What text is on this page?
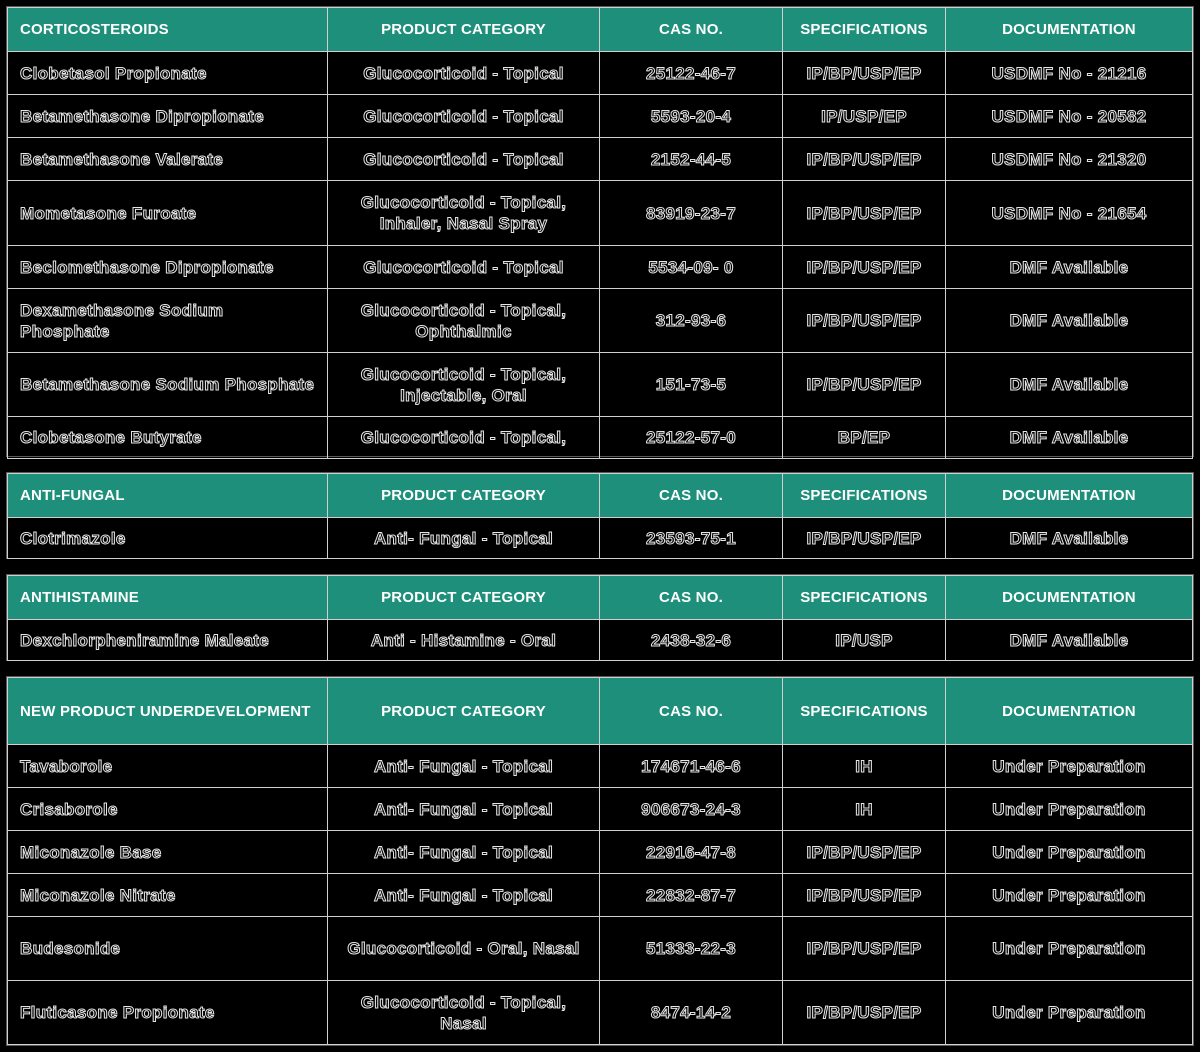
CORTICOSTEROIDS	PRODUCT CATEGORY	CAS NO.	SPECIFICATIONS	DOCUMENTATION
Clobetasol Propionate	Glucocorticoid - Topical	25122-46-7	IP/BP/USP/EP	USDMF No - 21216
Betamethasone Dipropionate	Glucocorticoid - Topical	5593-20-4	IP/USP/EP	USDMF No - 20582
Betamethasone Valerate	Glucocorticoid - Topical	2152-44-5	IP/BP/USP/EP	USDMF No - 21320
Mometasone Furoate	Glucocorticoid - Topical, Inhaler, Nasal Spray	83919-23-7	IP/BP/USP/EP	USDMF No - 21654
Beclomethasone Dipropionate	Glucocorticoid - Topical	5534-09- 0	IP/BP/USP/EP	DMF Available
Dexamethasone Sodium Phosphate	Glucocorticoid - Topical, Ophthalmic	312-93-6	IP/BP/USP/EP	DMF Available
Betamethasone Sodium Phosphate	Glucocorticoid - Topical, Injectable, Oral	151-73-5	IP/BP/USP/EP	DMF Available
Clobetasone Butyrate	Glucocorticoid - Topical,	25122-57-0	BP/EP	DMF Available
ANTI-FUNGAL	PRODUCT CATEGORY	CAS NO.	SPECIFICATIONS	DOCUMENTATION
Clotrimazole	Anti- Fungal - Topical	23593-75-1	IP/BP/USP/EP	DMF Available
ANTIHISTAMINE	PRODUCT CATEGORY	CAS NO.	SPECIFICATIONS	DOCUMENTATION
Dexchlorpheniramine Maleate	Anti - Histamine - Oral	2438-32-6	IP/USP	DMF Available
NEW PRODUCT UNDERDEVELOPMENT	PRODUCT CATEGORY	CAS NO.	SPECIFICATIONS	DOCUMENTATION
Tavaborole	Anti- Fungal - Topical	174671-46-6	IH	Under Preparation
Crisaborole	Anti- Fungal - Topical	906673-24-3	IH	Under Preparation
Miconazole Base	Anti- Fungal - Topical	22916-47-8	IP/BP/USP/EP	Under Preparation
Miconazole Nitrate	Anti- Fungal - Topical	22832-87-7	IP/BP/USP/EP	Under Preparation
Budesonide	Glucocorticoid - Oral, Nasal	51333-22-3	IP/BP/USP/EP	Under Preparation
Fluticasone Propionate	Glucocorticoid - Topical, Nasal	8474-14-2	IP/BP/USP/EP	Under Preparation
